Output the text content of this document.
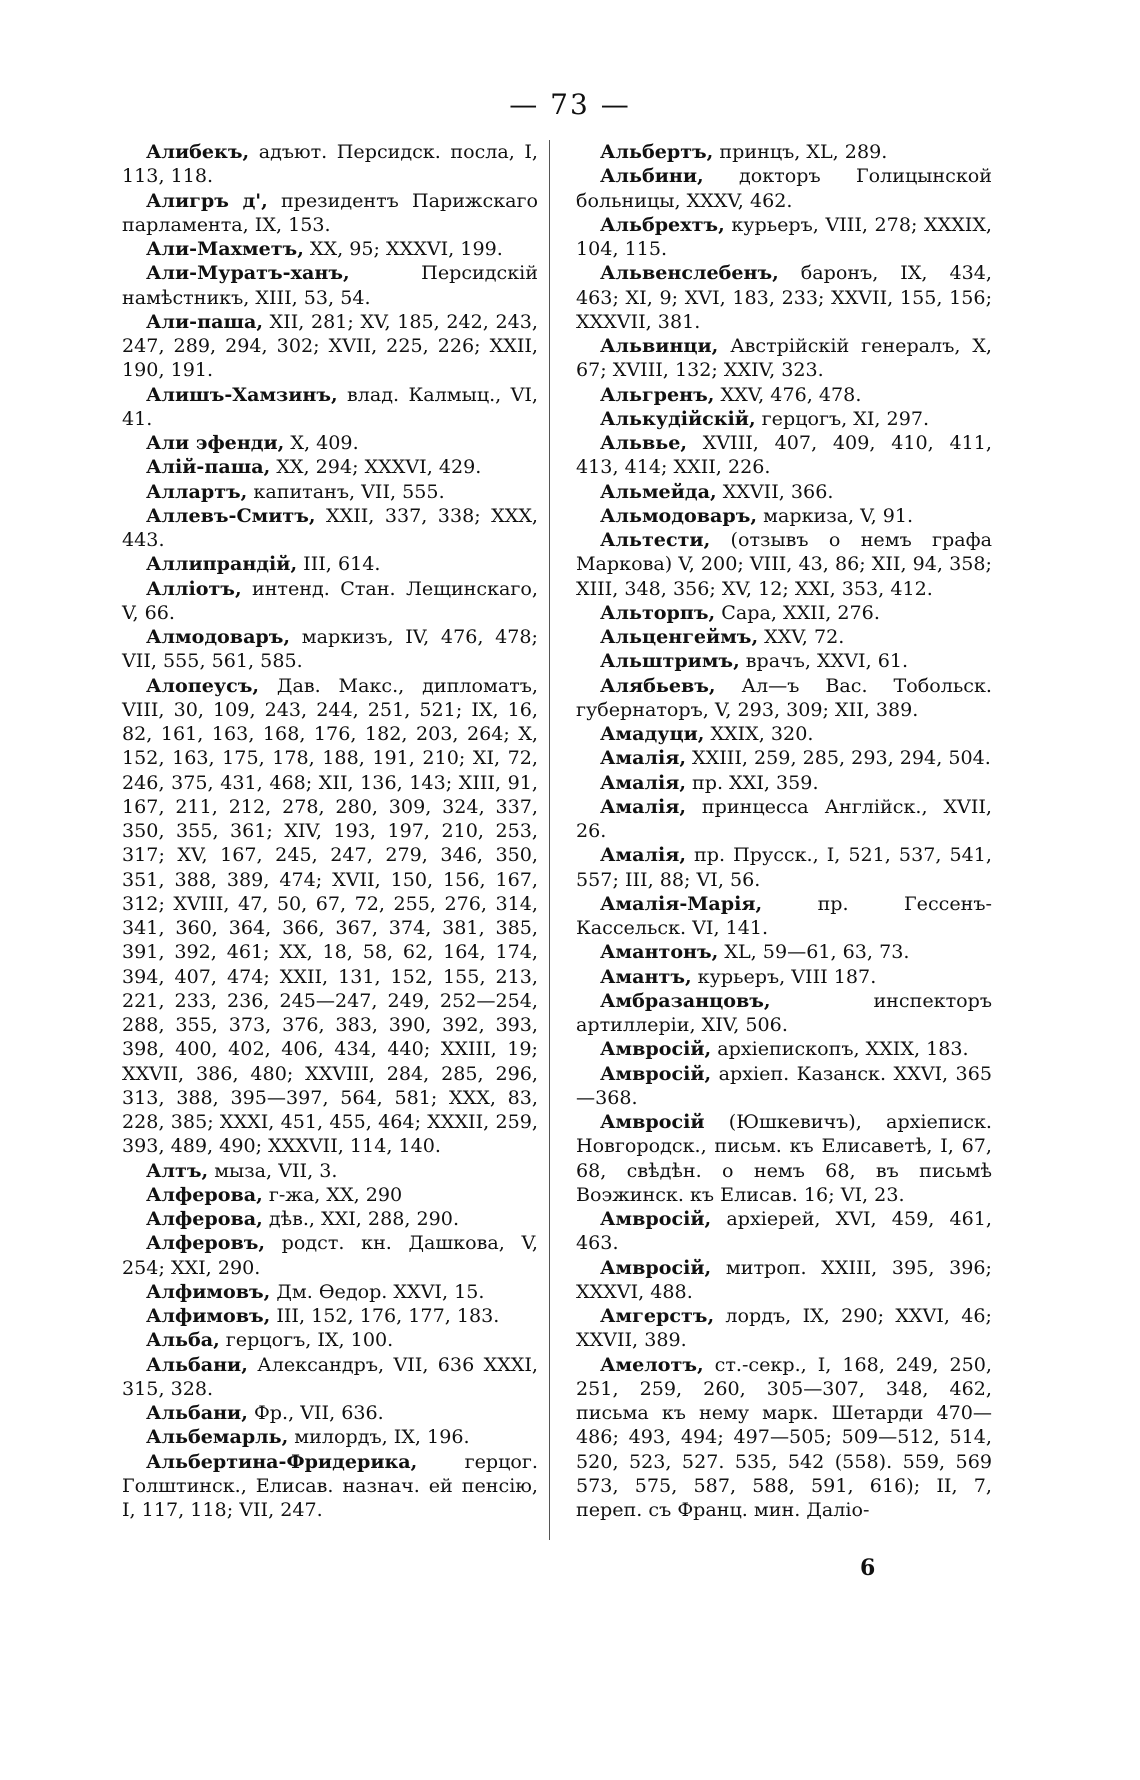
— 73 —

Алибекъ, адъют. Персидск. посла, I, 113, 118.

Алигръ д', президентъ Парижскаго парламента, IX, 153.

Али-Махметъ, XX, 95; XXXVI, 199.

Али-Муратъ-ханъ, Персидскій намѣстникъ, XIII, 53, 54.

Али-паша, XII, 281; XV, 185, 242, 243, 247, 289, 294, 302; XVII, 225, 226; XXII, 190, 191.

Алишъ-Хамзинъ, влад. Калмыц., VI, 41.

Али эфенди, X, 409.

Алій-паша, XX, 294; XXXVI, 429.

Аллартъ, капитанъ, VII, 555.

Аллевъ-Смитъ, XXII, 337, 338; XXX, 443.

Аллипрандій, III, 614.

Алліотъ, интенд. Стан. Лещинскаго, V, 66.

Алмодоваръ, маркизъ, IV, 476, 478; VII, 555, 561, 585.

Алопеусъ, Дав. Макс., дипломатъ, VIII, 30, 109, 243, 244, 251, 521; IX, 16, 82, 161, 163, 168, 176, 182, 203, 264; X, 152, 163, 175, 178, 188, 191, 210; XI, 72, 246, 375, 431, 468; XII, 136, 143; XIII, 91, 167, 211, 212, 278, 280, 309, 324, 337, 350, 355, 361; XIV, 193, 197, 210, 253, 317; XV, 167, 245, 247, 279, 346, 350, 351, 388, 389, 474; XVII, 150, 156, 167, 312; XVIII, 47, 50, 67, 72, 255, 276, 314, 341, 360, 364, 366, 367, 374, 381, 385, 391, 392, 461; XX, 18, 58, 62, 164, 174, 394, 407, 474; XXII, 131, 152, 155, 213, 221, 233, 236, 245—247, 249, 252—254, 288, 355, 373, 376, 383, 390, 392, 393, 398, 400, 402, 406, 434, 440; XXIII, 19; XXVII, 386, 480; XXVIII, 284, 285, 296, 313, 388, 395—397, 564, 581; XXX, 83, 228, 385; XXXI, 451, 455, 464; XXXII, 259, 393, 489, 490; XXXVII, 114, 140.

Алтъ, мыза, VII, 3.

Алферова, г-жа, XX, 290

Алферова, дѣв., XXI, 288, 290.

Алферовъ, родст. кн. Дашкова, V, 254; XXI, 290.

Алфимовъ, Дм. Ѳедор. XXVI, 15.

Алфимовъ, III, 152, 176, 177, 183.

Альба, герцогъ, IX, 100.

Альбани, Александръ, VII, 636 XXXI, 315, 328.

Альбани, Фр., VII, 636.

Альбемарль, милордъ, IX, 196.

Альбертина-Фридерика, герцог. Голштинск., Елисав. назнач. ей пенсію, I, 117, 118; VII, 247.

Альбертъ, принцъ, XL, 289.

Альбини, докторъ Голицынской больницы, XXXV, 462.

Альбрехтъ, курьеръ, VIII, 278; XXXIX, 104, 115.

Альвенслебенъ, баронъ, IX, 434, 463; XI, 9; XVI, 183, 233; XXVII, 155, 156; XXXVII, 381.

Альвинци, Австрійскій генералъ, X, 67; XVIII, 132; XXIV, 323.

Альгренъ, XXV, 476, 478.

Алькудійскій, герцогъ, XI, 297.

Альвье, XVIII, 407, 409, 410, 411, 413, 414; XXII, 226.

Альмейда, XXVII, 366.

Альмодоваръ, маркиза, V, 91.

Альтести, (отзывъ о немъ графа Маркова) V, 200; VIII, 43, 86; XII, 94, 358; XIII, 348, 356; XV, 12; XXI, 353, 412.

Альторпъ, Сара, XXII, 276.

Альценгеймъ, XXV, 72.

Альштримъ, врачъ, XXVI, 61.

Алябьевъ, Ал—ъ Вас. Тобольск. губернаторъ, V, 293, 309; XII, 389.

Амадуци, XXIX, 320.

Амалія, XXIII, 259, 285, 293, 294, 504.

Амалія, пр. XXI, 359.

Амалія, принцесса Англійск., XVII, 26.

Амалія, пр. Прусск., I, 521, 537, 541, 557; III, 88; VI, 56.

Амалія-Марія, пр. Гессенъ-Кассельск. VI, 141.

Амантонъ, XL, 59—61, 63, 73.

Амантъ, курьеръ, VIII 187.

Амбразанцовъ, инспекторъ артиллеріи, XIV, 506.

Амвросій, архіепископъ, XXIX, 183.

Амвросій, архіеп. Казанск. XXVI, 365—368.

Амвросій (Юшкевичъ), архіеписк. Новгородск., письм. къ Елисаветѣ, I, 67, 68, свѣдѣн. о немъ 68, въ письмѣ Воэжинск. къ Елисав. 16; VI, 23.

Амвросій, архіерей, XVI, 459, 461, 463.

Амвросій, митроп. XXIII, 395, 396; XXXVI, 488.

Амгерстъ, лордъ, IX, 290; XXVI, 46; XXVII, 389.

Амелотъ, ст.-секр., I, 168, 249, 250, 251, 259, 260, 305—307, 348, 462, письма къ нему марк. Шетарди 470—486; 493, 494; 497—505; 509—512, 514, 520, 523, 527. 535, 542 (558). 559, 569 573, 575, 587, 588, 591, 616); II, 7, переп. съ Франц. мин. Даліо-

6
